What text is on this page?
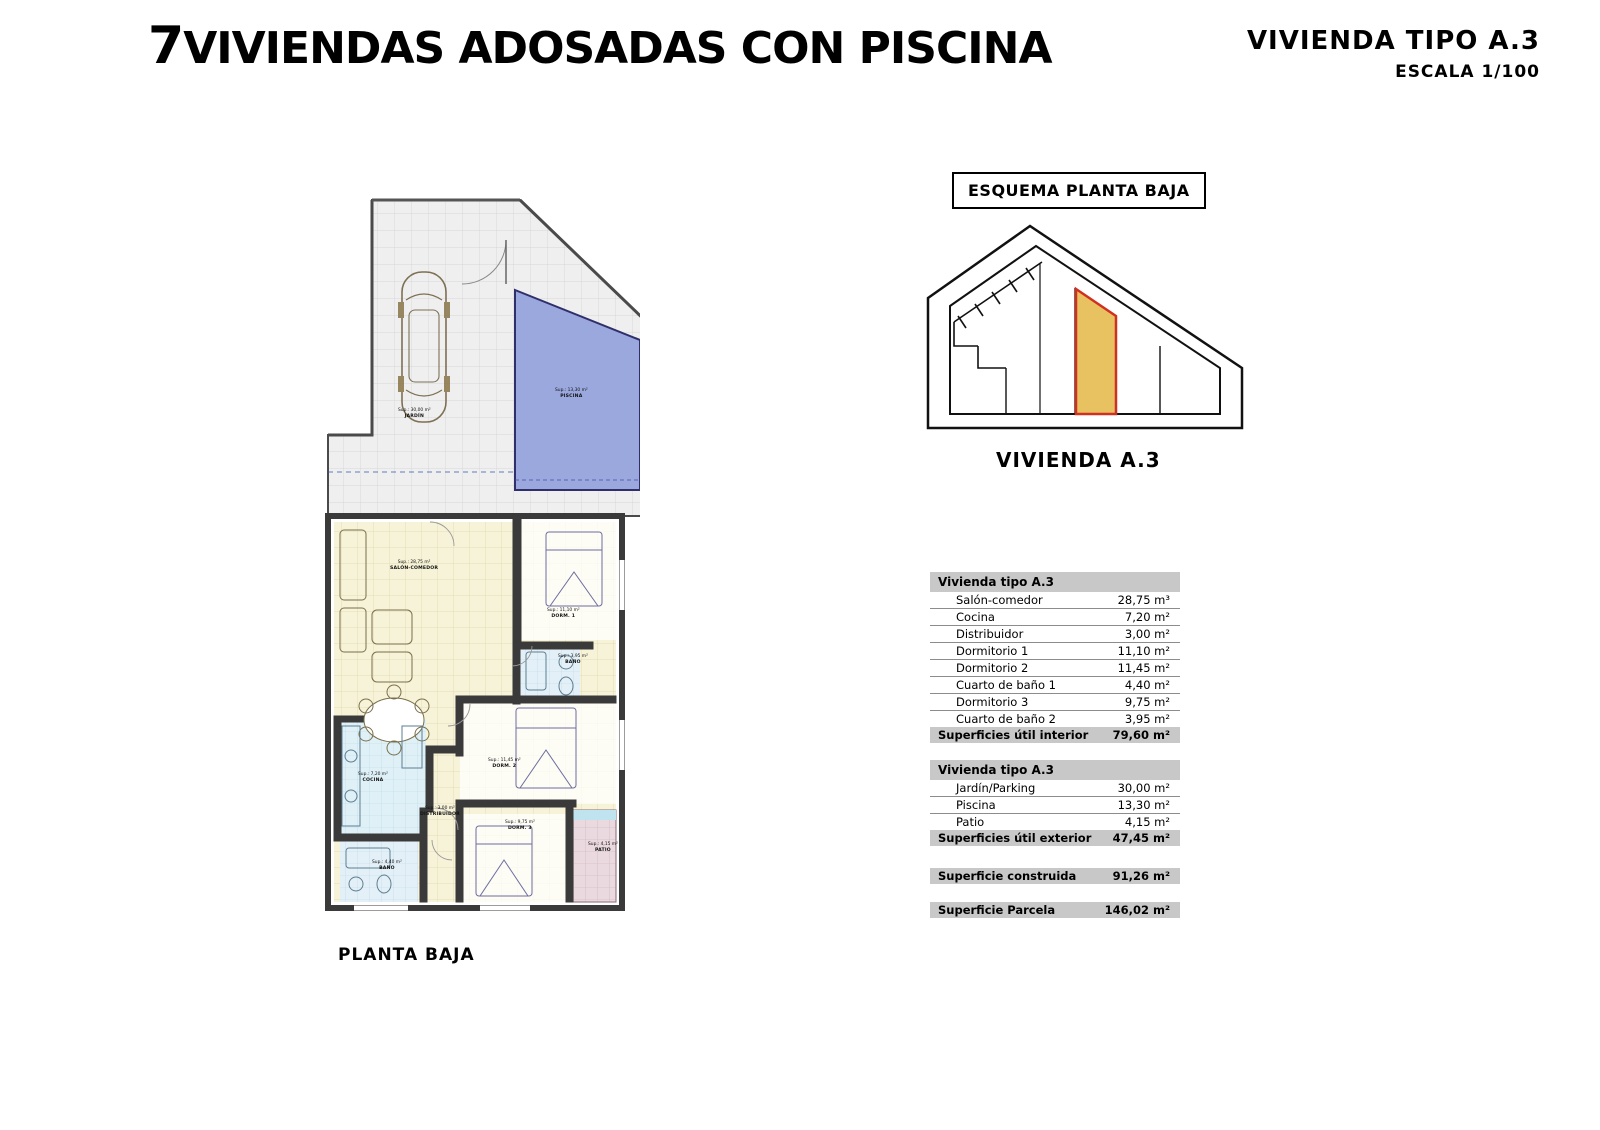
7VIVIENDAS ADOSADAS CON PISCINA	VIVIENDA TIPO A.3
ESCALA 1/100
Sup.: 30,00 m²
JARDÍN
Sup.: 13,30 m²
PISCINA
Sup.: 28,75 m²
SALÓN-COMEDOR
Sup.: 11,10 m²
DORM. 1
Sup.: 3,95 m²
BAÑO
Sup.: 11,45 m²
DORM. 2
Sup.: 7,20 m²
COCINA
Sup.: 3,00 m²
DISTRIBUIDOR
Sup.: 9,75 m²
DORM. 3
Sup.: 4,40 m²
BAÑO
Sup.: 4,15 m²
PATIO
PLANTA BAJA
ESQUEMA PLANTA BAJA
VIVIENDA A.3
Vivienda tipo A.3	
Salón-comedor	28,75 m³
Cocina	7,20 m²
Distribuidor	3,00 m²
Dormitorio 1	11,10 m²
Dormitorio 2	11,45 m²
Cuarto de baño 1	4,40 m²
Dormitorio 3	9,75 m²
Cuarto de baño 2	3,95 m²
Superficies útil interior	79,60 m²
Vivienda tipo A.3	
Jardín/Parking	30,00 m²
Piscina	13,30 m²
Patio	4,15 m²
Superficies útil exterior	47,45 m²
Superficie construida	91,26 m²
Superficie Parcela	146,02 m²
